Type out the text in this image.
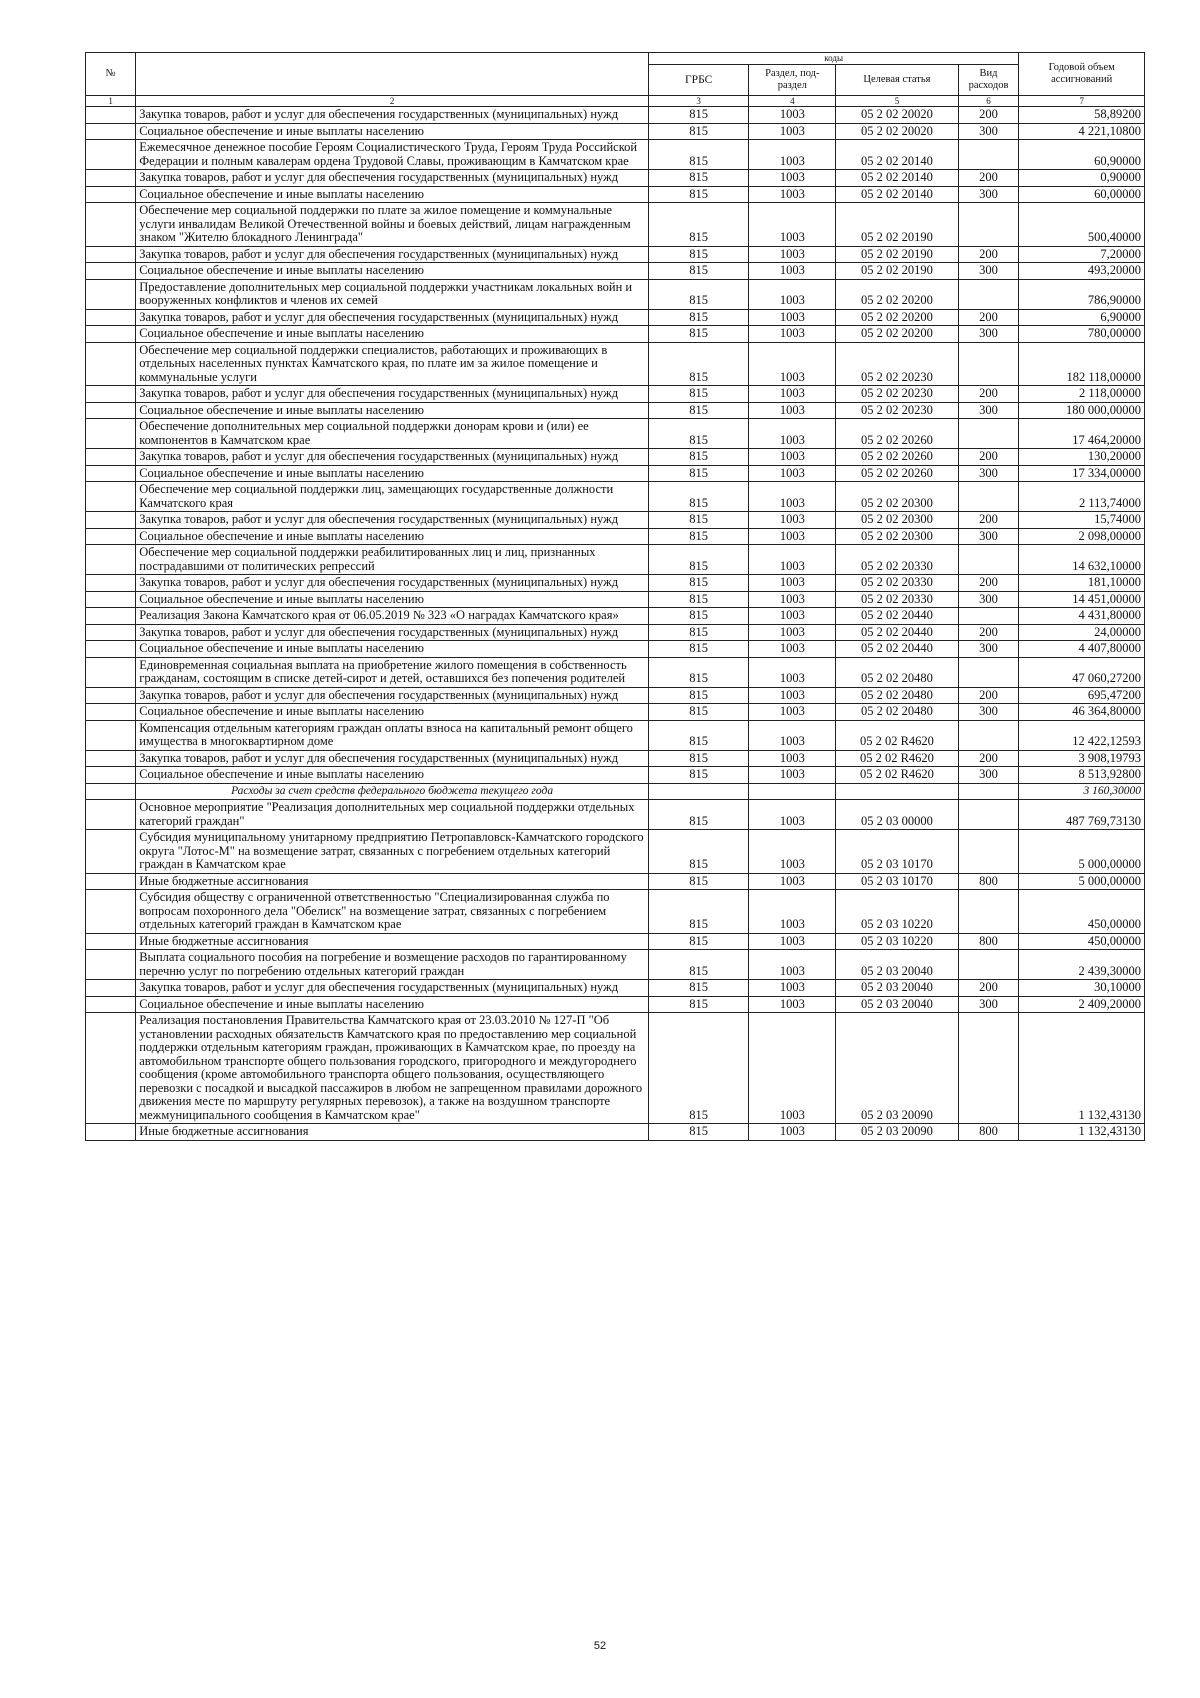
№		коды				Годовой объем ассигнований
		ГРБС	Раздел, под-раздел	Целевая статья	Вид расходов	
1	2	3	4	5	6	7
	Закупка товаров, работ и услуг для обеспечения государственных (муниципальных) нужд	815	1003	05 2 02 20020	200	58,89200
	Социальное обеспечение и иные выплаты населению	815	1003	05 2 02 20020	300	4 221,10800
	Ежемесячное денежное пособие Героям Социалистического Труда, Героям Труда Российской Федерации и полным кавалерам ордена Трудовой Славы, проживающим в Камчатском крае	815	1003	05 2 02 20140		60,90000
	Закупка товаров, работ и услуг для обеспечения государственных (муниципальных) нужд	815	1003	05 2 02 20140	200	0,90000
	Социальное обеспечение и иные выплаты населению	815	1003	05 2 02 20140	300	60,00000
	Обеспечение мер социальной поддержки по плате за жилое помещение и коммунальные услуги инвалидам Великой Отечественной войны и боевых действий, лицам награжденным знаком "Жителю блокадного Ленинграда"	815	1003	05 2 02 20190		500,40000
	Закупка товаров, работ и услуг для обеспечения государственных (муниципальных) нужд	815	1003	05 2 02 20190	200	7,20000
	Социальное обеспечение и иные выплаты населению	815	1003	05 2 02 20190	300	493,20000
	Предоставление дополнительных мер социальной поддержки участникам локальных войн и вооруженных конфликтов и членов их семей	815	1003	05 2 02 20200		786,90000
	Закупка товаров, работ и услуг для обеспечения государственных (муниципальных) нужд	815	1003	05 2 02 20200	200	6,90000
	Социальное обеспечение и иные выплаты населению	815	1003	05 2 02 20200	300	780,00000
	Обеспечение мер социальной поддержки специалистов, работающих и проживающих в отдельных населенных пунктах Камчатского края, по плате им за жилое помещение и коммунальные услуги	815	1003	05 2 02 20230		182 118,00000
	Закупка товаров, работ и услуг для обеспечения государственных (муниципальных) нужд	815	1003	05 2 02 20230	200	2 118,00000
	Социальное обеспечение и иные выплаты населению	815	1003	05 2 02 20230	300	180 000,00000
	Обеспечение дополнительных мер социальной поддержки донорам крови и (или) ее компонентов в Камчатском крае	815	1003	05 2 02 20260		17 464,20000
	Закупка товаров, работ и услуг для обеспечения государственных (муниципальных) нужд	815	1003	05 2 02 20260	200	130,20000
	Социальное обеспечение и иные выплаты населению	815	1003	05 2 02 20260	300	17 334,00000
	Обеспечение мер социальной поддержки лиц, замещающих государственные должности Камчатского края	815	1003	05 2 02 20300		2 113,74000
	Закупка товаров, работ и услуг для обеспечения государственных (муниципальных) нужд	815	1003	05 2 02 20300	200	15,74000
	Социальное обеспечение и иные выплаты населению	815	1003	05 2 02 20300	300	2 098,00000
	Обеспечение мер социальной поддержки реабилитированных лиц и лиц, признанных пострадавшими от политических репрессий	815	1003	05 2 02 20330		14 632,10000
	Закупка товаров, работ и услуг для обеспечения государственных (муниципальных) нужд	815	1003	05 2 02 20330	200	181,10000
	Социальное обеспечение и иные выплаты населению	815	1003	05 2 02 20330	300	14 451,00000
	Реализация Закона Камчатского края от 06.05.2019 № 323 «О наградах Камчатского края»	815	1003	05 2 02 20440		4 431,80000
	Закупка товаров, работ и услуг для обеспечения государственных (муниципальных) нужд	815	1003	05 2 02 20440	200	24,00000
	Социальное обеспечение и иные выплаты населению	815	1003	05 2 02 20440	300	4 407,80000
	Единовременная социальная выплата на приобретение жилого помещения в собственность гражданам, состоящим в списке детей-сирот и детей, оставшихся без попечения родителей	815	1003	05 2 02 20480		47 060,27200
	Закупка товаров, работ и услуг для обеспечения государственных (муниципальных) нужд	815	1003	05 2 02 20480	200	695,47200
	Социальное обеспечение и иные выплаты населению	815	1003	05 2 02 20480	300	46 364,80000
	Компенсация отдельным категориям граждан оплаты взноса на капитальный ремонт общего имущества в многоквартирном доме	815	1003	05 2 02 R4620		12 422,12593
	Закупка товаров, работ и услуг для обеспечения государственных (муниципальных) нужд	815	1003	05 2 02 R4620	200	3 908,19793
	Социальное обеспечение и иные выплаты населению	815	1003	05 2 02 R4620	300	8 513,92800
	Расходы за счет средств федерального бюджета текущего года					3 160,30000
	Основное мероприятие "Реализация дополнительных мер социальной поддержки отдельных категорий граждан"	815	1003	05 2 03 00000		487 769,73130
	Субсидия муниципальному унитарному предприятию Петропавловск-Камчатского городского округа "Лотос-М" на возмещение затрат, связанных с погребением отдельных категорий граждан в Камчатском крае	815	1003	05 2 03 10170		5 000,00000
	Иные бюджетные ассигнования	815	1003	05 2 03 10170	800	5 000,00000
	Субсидия обществу с ограниченной ответственностью "Специализированная служба по вопросам похоронного дела "Обелиск" на возмещение затрат, связанных с погребением отдельных категорий граждан в Камчатском крае	815	1003	05 2 03 10220		450,00000
	Иные бюджетные ассигнования	815	1003	05 2 03 10220	800	450,00000
	Выплата социального пособия на погребение и возмещение расходов по гарантированному перечню услуг по погребению отдельных категорий граждан	815	1003	05 2 03 20040		2 439,30000
	Закупка товаров, работ и услуг для обеспечения государственных (муниципальных) нужд	815	1003	05 2 03 20040	200	30,10000
	Социальное обеспечение и иные выплаты населению	815	1003	05 2 03 20040	300	2 409,20000
	Реализация постановления Правительства Камчатского края от 23.03.2010 № 127-П "Об установлении расходных обязательств Камчатского края по предоставлению мер социальной поддержки отдельным категориям граждан, проживающих в Камчатском крае, по проезду на автомобильном транспорте общего пользования городского, пригородного и междугороднего сообщения (кроме автомобильного транспорта общего пользования, осуществляющего перевозки с посадкой и высадкой пассажиров в любом не запрещенном правилами дорожного движения месте по маршруту регулярных перевозок), а также на воздушном транспорте межмуниципального сообщения в Камчатском крае"	815	1003	05 2 03 20090		1 132,43130
	Иные бюджетные ассигнования	815	1003	05 2 03 20090	800	1 132,43130
52
